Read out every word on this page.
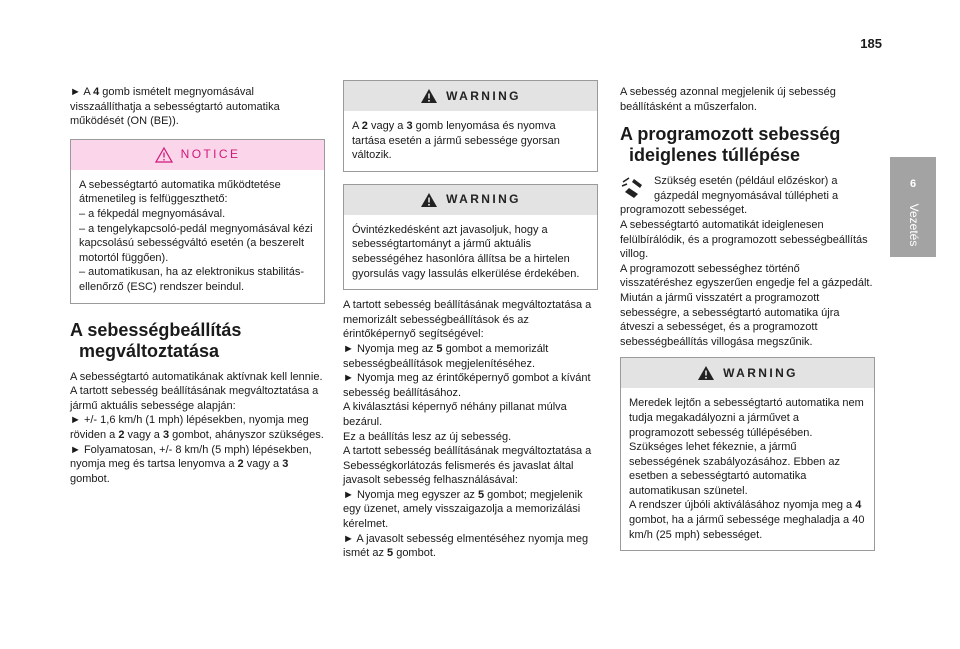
185
6
Vezetés

► A 4 gomb ismételt megnyomásával visszaállíthatja a sebességtartó automatika működését (ON (BE)).

NOTICE

A sebességtartó automatika működtetése átmenetileg is felfüggeszthető:

– a fékpedál megnyomásával.

– a tengelykapcsoló-pedál megnyomásával kézi kapcsolású sebességváltó esetén (a beszerelt motortól függően).

– automatikusan, ha az elektronikus stabilitás-ellenőrző (ESC) rendszer beindul.

A sebességbeállítás
megváltoztatása

A sebességtartó automatikának aktívnak kell lennie.

A tartott sebesség beállításának megváltoztatása a jármű aktuális sebessége alapján:

► +/- 1,6 km/h (1 mph) lépésekben, nyomja meg röviden a 2 vagy a 3 gombot, ahányszor szükséges.

► Folyamatosan, +/- 8 km/h (5 mph) lépésekben, nyomja meg és tartsa lenyomva a 2 vagy a 3 gombot.

WARNING

A 2 vagy a 3 gomb lenyomása és nyomva tartása esetén a jármű sebessége gyorsan változik.

WARNING

Óvintézkedésként azt javasoljuk, hogy a sebességtartományt a jármű aktuális sebességéhez hasonlóra állítsa be a hirtelen gyorsulás vagy lassulás elkerülése érdekében.

A tartott sebesség beállításának megváltoztatása a memorizált sebességbeállítások és az érintőképernyő segítségével:

► Nyomja meg az 5 gombot a memorizált sebességbeállítások megjelenítéséhez.

► Nyomja meg az érintőképernyő gombot a kívánt sebesség beállításához.

A kiválasztási képernyő néhány pillanat múlva bezárul.

Ez a beállítás lesz az új sebesség.

A tartott sebesség beállításának megváltoztatása a Sebességkorlátozás felismerés és javaslat által javasolt sebesség felhasználásával:

► Nyomja meg egyszer az 5 gombot; megjelenik egy üzenet, amely visszaigazolja a memorizálási kérelmet.

► A javasolt sebesség elmentéséhez nyomja meg ismét az 5 gombot.

A sebesség azonnal megjelenik új sebesség beállításként a műszerfalon.

A programozott sebesség
ideiglenes túllépése

Szükség esetén (például előzéskor) a gázpedál megnyomásával túllépheti a programozott sebességet.

A sebességtartó automatikát ideiglenesen felülbírálódik, és a programozott sebességbeállítás villog.

A programozott sebességhez történő visszatéréshez egyszerűen engedje fel a gázpedált.

Miután a jármű visszatért a programozott sebességre, a sebességtartó automatika újra átveszi a sebességet, és a programozott sebességbeállítás villogása megszűnik.

WARNING

Meredek lejtőn a sebességtartó automatika nem tudja megakadályozni a járművet a programozott sebesség túllépésében. Szükséges lehet fékeznie, a jármű sebességének szabályozásához. Ebben az esetben a sebességtartó automatika automatikusan szünetel.

A rendszer újbóli aktiválásához nyomja meg a 4 gombot, ha a jármű sebessége meghaladja a 40 km/h (25 mph) sebességet.
